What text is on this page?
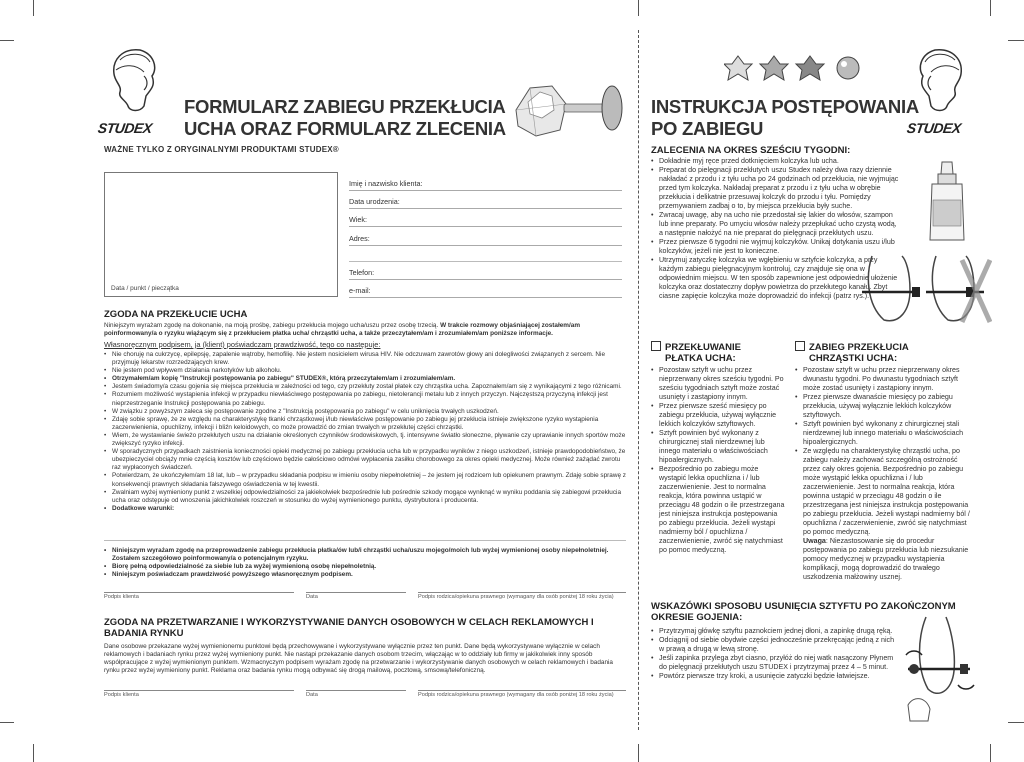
STUDEX
FORMULARZ ZABIEGU PRZEKŁUCIA
UCHA ORAZ FORMULARZ ZLECENIA
WAŻNE TYLKO Z ORYGINALNYMI PRODUKTAMI STUDEX®
Data / punkt / pieczątka
Imię i nazwisko klienta:
Data urodzenia:
Wiek:
Adres:
Telefon:
e-mail:
ZGODA NA PRZEKŁUCIE UCHA
Niniejszym wyrażam zgodę na dokonanie, na moją prośbę, zabiegu przekłucia mojego ucha/uszu przez osobę trzecią. W trakcie rozmowy objaśniającej zostałem/am poinformowany/a o ryzyku wiążącym się z przekłuciem płatka ucha/ chrząstki ucha, a także przeczytałem/am i zrozumiałem/am poniższe informacje.
Własnoręcznym podpisem, ja (klient) poświadczam prawdziwość, tego co następuje:
• Nie choruję na cukrzycę, epilepsję, zapalenie wątroby, hemofilię. Nie jestem nosicielem wirusa HIV. Nie odczuwam zawrotów głowy ani dolegliwości związanych z sercem. Nie przyjmuję lekarstw rozrzedzających krew.
• Nie jestem pod wpływem działania narkotyków lub alkoholu.
• Otrzymałem/am kopię "Instrukcji postępowania po zabiegu" STUDEX®, którą przeczytałem/am i zrozumiałem/am.
• Jestem świadomy/a czasu gojenia się miejsca przekłucia w zależności od tego, czy przekłuty został płatek czy chrząstka ucha. Zapoznałem/am się z wynikającymi z tego różnicami.
• Rozumiem możliwość wystąpienia infekcji w przypadku niewłaściwego postępowania po zabiegu, nietolerancji metalu lub z innych przyczyn. Najczęstszą przyczyną infekcji jest nieprzestrzeganie Instrukcji postępowania po zabiegu.
• W związku z powyższym zaleca się postępowanie zgodne z "Instrukcją postępowania po zabiegu" w celu uniknięcia trwałych uszkodzeń.
• Zdaję sobie sprawę, że ze względu na charakterystykę tkanki chrząstkowej i/lub niewłaściwe postępowanie po zabiegu jej przekłucia istnieje zwiększone ryzyko wystąpienia zaczerwienienia, opuchlizny, infekcji i bliźn keloidowych, co może prowadzić do zmian trwałych w przekłutej części chrząstki.
• Wiem, że wystawianie świeżo przekłutych uszu na działanie określonych czynników środowiskowych, tj. intensywne światło słoneczne, pływanie czy uprawianie innych sportów może zwiększyć ryzyko infekcji.
• W sporadycznych przypadkach zaistnienia konieczności opieki medycznej po zabiegu przekłucia ucha lub w przypadku wyników z niego uszkodzeń, istnieje prawdopodobieństwo, że ubezpieczyciel obciąży mnie częścią kosztów lub częściowo będzie całościowo odmówi wypłacenia zasiłku chorobowego za okres opieki medycznej. Może również zażądać zwrotu raz wypłaconych świadczeń.
• Potwierdzam, że ukończyłem/am 18 lat, lub – w przypadku składania podpisu w imieniu osoby niepełnoletniej – że jestem jej rodzicem lub opiekunem prawnym. Zdaję sobie sprawę z konsekwencji prawnych składania fałszywego oświadczenia w tej kwestii.
• Zwalniam wyżej wymieniony punkt z wszelkiej odpowiedzialności za jakiekolwiek bezpośrednie lub pośrednie szkody mogące wyniknąć w wyniku poddania się zabiegowi przekłucia ucha oraz odstępuje od wnoszenia jakichkolwiek roszczeń w stosunku do wyżej wymienionego punktu, dystrybutora i producenta.
• Dodatkowe warunki:
• Niniejszym wyrażam zgodę na przeprowadzenie zabiegu przekłucia płatka/ów lub/i chrząstki ucha/uszu mojego/moich lub wyżej wymienionej osoby niepełnoletniej. Zostałem szczegółowo poinformowany/a o potencjalnym ryzyku.
• Biorę pełną odpowiedzialność za siebie lub za wyżej wymienioną osobę niepełnoletnią.
• Niniejszym poświadczam prawdziwość powyższego własnoręcznym podpisem.
Podpis klienta	Data	Podpis rodzica/opiekuna prawnego (wymagany dla osób poniżej 18 roku życia)
ZGODA NA PRZETWARZANIE I WYKORZYSTYWANIE DANYCH OSOBOWYCH W CELACH REKLAMOWYCH I BADANIA RYNKU
Dane osobowe przekazane wyżej wymienionemu punktowi będą przechowywane i wykorzystywane wyłącznie przez ten punkt. Dane będą wykorzystywane wyłącznie w celach reklamowych i badaniach rynku przez wyżej wymieniony punkt. Nie nastąpi przekazanie danych osobom trzecim, włączając w to oddziały lub firmy w jakikolwiek inny sposób współpracujące z wyżej wymienionym punktem. Wzmacnyczym podpisem wyrażam zgodę na przetwarzanie i wykorzystywanie danych osobowych w celach reklamowych i badania rynku przez wyżej wymieniony punkt. Reklama oraz badania rynku mogą odbywać się drogą mailową, pocztową, smsową/telefoniczną.
Podpis klienta	Data	Podpis rodzica/opiekuna prawnego (wymagany dla osób poniżej 18 roku życia)
INSTRUKCJA POSTĘPOWANIA
PO ZABIEGU	STUDEX
ZALECENIA NA OKRES SZEŚCIU TYGODNI:
• Dokładnie myj ręce przed dotknięciem kolczyka lub ucha.
• Preparat do pielęgnacji przekłutych uszu Studex należy dwa razy dziennie nakładać z przodu i z tyłu ucha po 24 godzinach od przekłucia, nie wyjmując przed tym kolczyka. Nakładaj preparat z przodu i z tyłu ucha w obrębie przekłucia i delikatnie przesuwaj kolczyk do przodu i tyłu. Pomiędzy przemywaniem zadbaj o to, by miejsca przekłucia były suche.
• Zwracaj uwagę, aby na ucho nie przedostał się lakier do włosów, szampon lub inne preparaty. Po umyciu włosów należy przepłukać ucho czystą wodą, a następnie nałożyć na nie preparat do pielęgnacji przekłutych uszu.
• Przez pierwsze 6 tygodni nie wyjmuj kolczyków. Unikaj dotykania uszu i/lub kolczyków, jeżeli nie jest to konieczne.
• Utrzymuj zatyczkę kolczyka we wgłębieniu w sztyfcie kolczyka, a przy każdym zabiegu pielęgnacyjnym kontroluj, czy znajduje się ona w odpowiednim miejscu. W ten sposób zapewnione jest odpowiednie ułożenie kolczyka oraz dostateczny dopływ powietrza do przekłutego kanału. Zbyt ciasne zapięcie kolczyka może doprowadzić do infekcji (patrz rys.).
PRZEKŁUWANIE
PŁATKA UCHA:
• Pozostaw sztyft w uchu przez nieprzerwany okres sześciu tygodni. Po sześciu tygodniach sztyft może zostać usunięty i zastąpiony innym.
• Przez pierwsze sześć miesięcy po zabiegu przekłucia, używaj wyłącznie lekkich kolczyków sztyftowych.
• Sztyft powinien być wykonany z chirurgicznej stali nierdzewnej lub innego materiału o właściwościach hipoalergicznych.
• Bezpośrednio po zabiegu może wystąpić lekka opuchlizna i / lub zaczerwienienie. Jest to normalna reakcja, która powinna ustąpić w przeciągu 48 godzin o ile przestrzegana jest niniejsza instrukcja postępowania po zabiegu przekłucia. Jeżeli wystąpi nadmierny ból / opuchlizna / zaczerwienienie, zwróć się natychmiast po pomoc medyczną.
ZABIEG PRZEKŁUCIA
CHRZĄSTKI UCHA:
• Pozostaw sztyft w uchu przez nieprzerwany okres dwunastu tygodni. Po dwunastu tygodniach sztyft może zostać usunięty i zastąpiony innym.
• Przez pierwsze dwanaście miesięcy po zabiegu przekłucia, używaj wyłącznie lekkich kolczyków sztyftowych.
• Sztyft powinien być wykonany z chirurgicznej stali nierdzewnej lub innego materiału o właściwościach hipoalergicznych.
• Ze względu na charakterystykę chrząstki ucha, po zabiegu należy zachować szczególną ostrożność przez cały okres gojenia. Bezpośrednio po zabiegu może wystąpić lekka opuchlizna i / lub zaczerwienienie. Jest to normalna reakcja, która powinna ustąpić w przeciągu 48 godzin o ile przestrzegana jest niniejsza instrukcja postępowania po zabiegu przekłucia. Jeżeli wystąpi nadmierny ból / opuchlizna / zaczerwienienie, zwróć się natychmiast po pomoc medyczną.
Uwaga: Niezastosowanie się do procedur postępowania po zabiegu przekłucia lub niezsukanie pomocy medycznej w przypadku wystąpienia komplikacji, mogą doprowadzić do trwałego uszkodzenia małżowiny usznej.
WSKAZÓWKI SPOSOBU USUNIĘCIA SZTYFTU PO ZAKOŃCZONYM OKRESIE GOJENIA:
• Przytrzymaj główkę sztyftu paznokciem jednej dłoni, a zapinkę drugą ręką.
• Odciągnij od siebie obydwie części jednocześnie przekręcając jedną z nich w prawą a drugą w lewą stronę.
• Jeśli zapinka przylega zbyt ciasno, przyłóż do niej watk nasączony Płynem do pielęgnacji przekłutych uszu STUDEX i przytrzymaj przez 4 – 5 minut.
• Powtórz pierwsze trzy kroki, a usunięcie zatyczki będzie łatwiejsze.
